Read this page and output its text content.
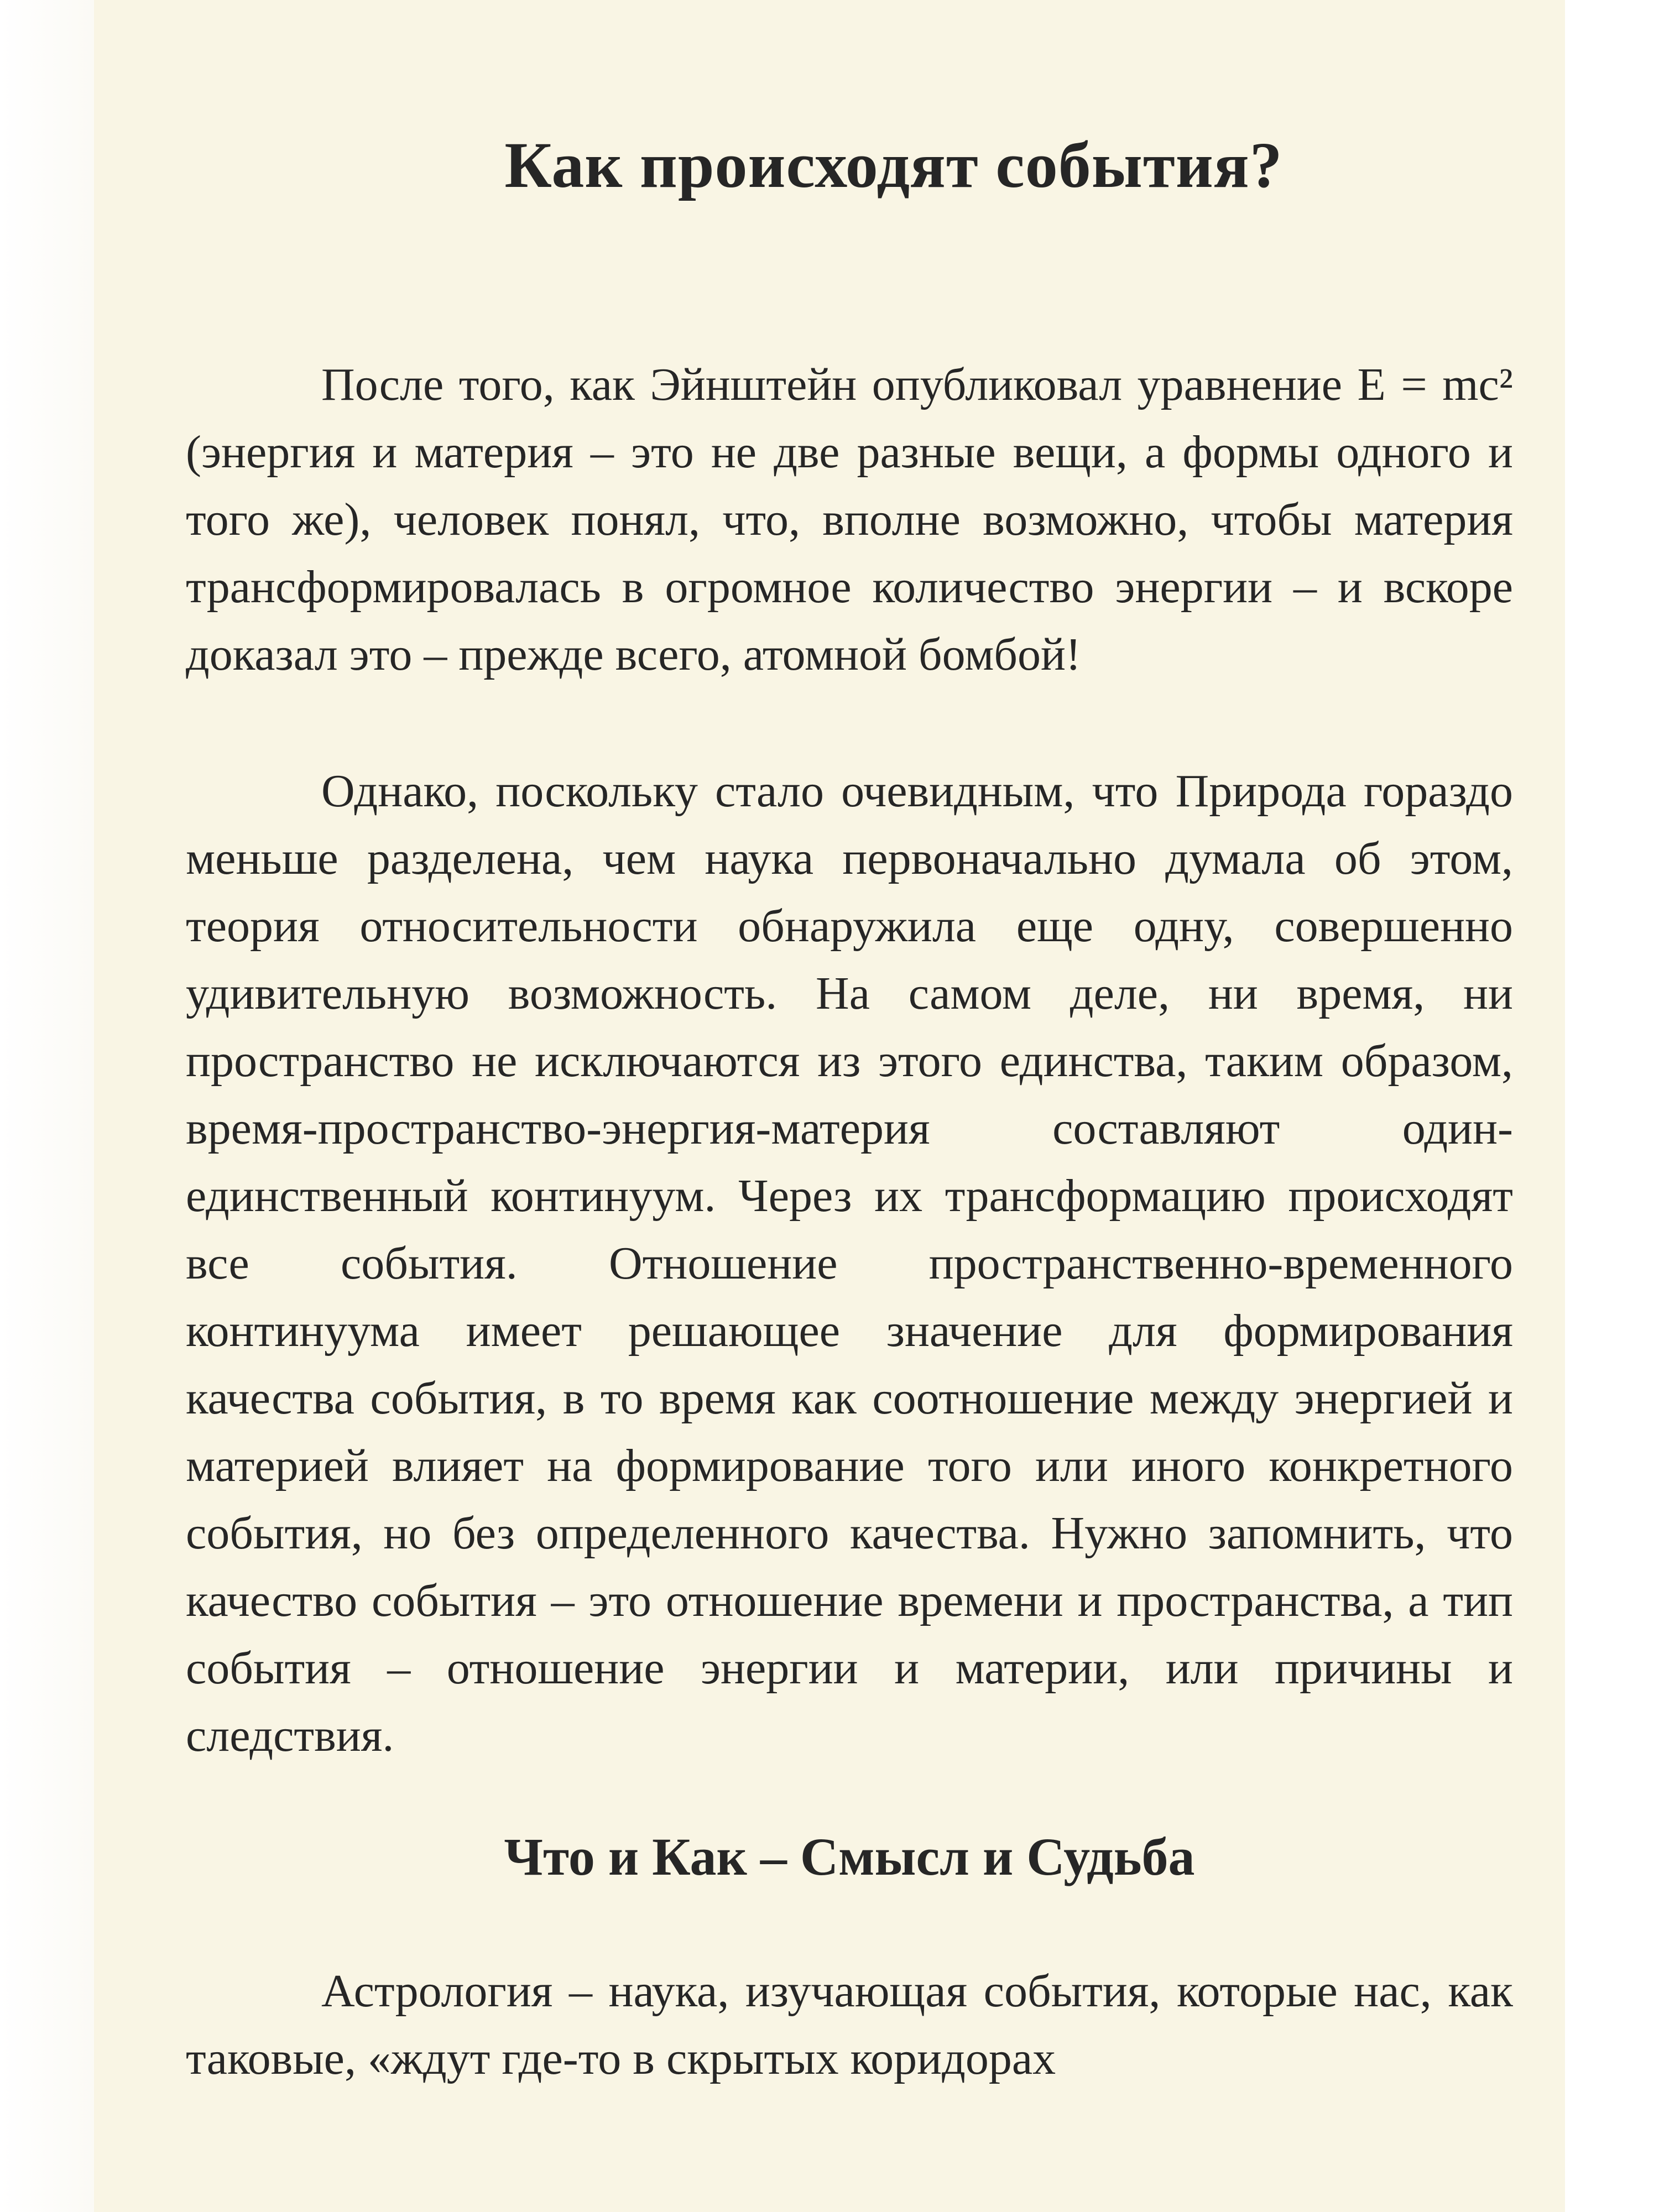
Как происходят события?

После того, как Эйнштейн опубликовал уравнение E = mc² (энергия и материя – это не две разные вещи, а формы одного и того же), человек понял, что, вполне возможно, чтобы материя трансформировалась в огромное количество энергии – и вскоре доказал это – прежде всего, атомной бомбой!

Однако, поскольку стало очевидным, что Природа гораздо меньше разделена, чем наука первоначально думала об этом, теория относительности обнаружила еще одну, совершенно удивительную возможность. На самом деле, ни время, ни пространство не исключаются из этого единства, таким образом, время-пространство-энергия-материя составляют один-единственный континуум. Через их трансформацию происходят все события. Отношение пространственно-временного континуума имеет решающее значение для формирования качества события, в то время как соотношение между энергией и материей влияет на формирование того или иного конкретного события, но без определенного качества. Нужно запомнить, что качество события – это отношение времени и пространства, а тип события – отношение энергии и материи, или причины и следствия.

Что и Как – Смысл и Судьба

Астрология – наука, изучающая события, которые нас, как таковые, «ждут где-то в скрытых коридорах
